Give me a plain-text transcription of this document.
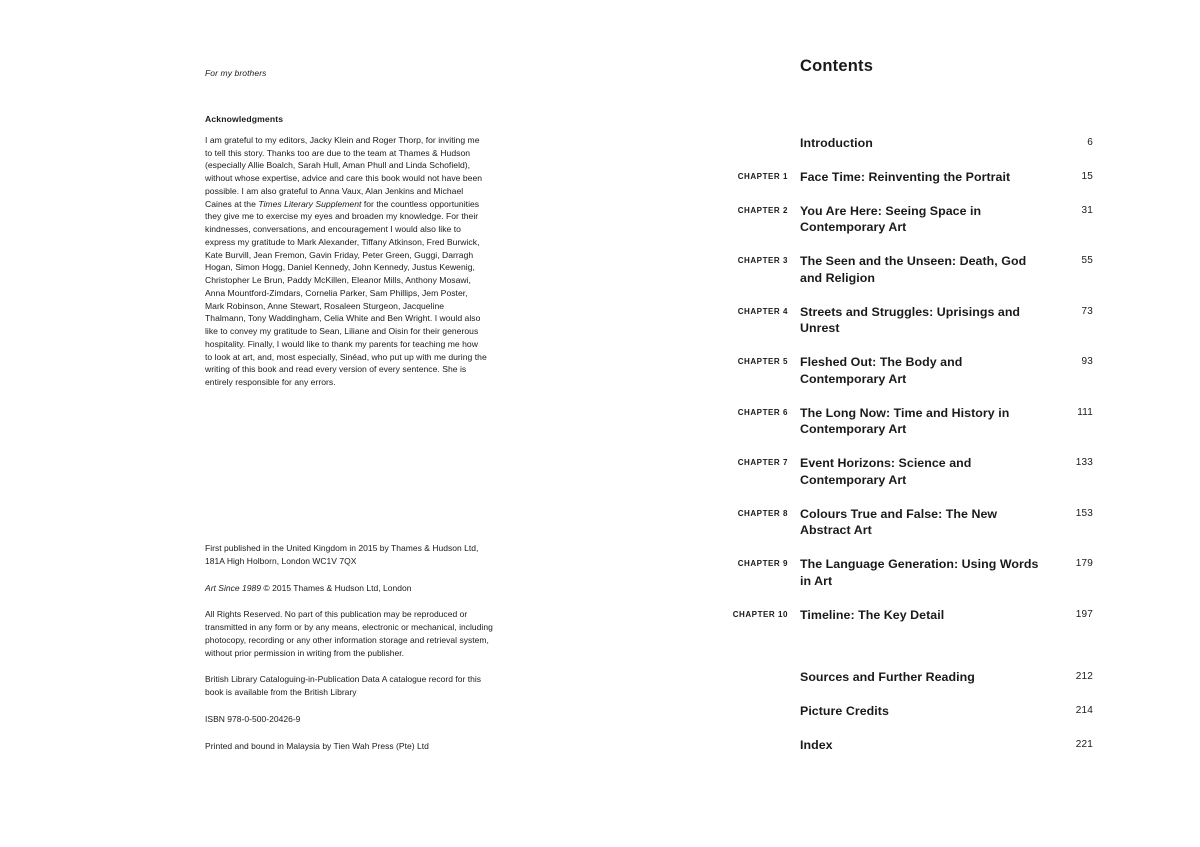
For my brothers

Acknowledgments

I am grateful to my editors, Jacky Klein and Roger Thorp, for inviting me to tell this story. Thanks too are due to the team at Thames & Hudson (especially Allie Boalch, Sarah Hull, Aman Phull and Linda Schofield), without whose expertise, advice and care this book would not have been possible. I am also grateful to Anna Vaux, Alan Jenkins and Michael Caines at the Times Literary Supplement for the countless opportunities they give me to exercise my eyes and broaden my knowledge. For their kindnesses, conversations, and encouragement I would also like to express my gratitude to Mark Alexander, Tiffany Atkinson, Fred Burwick, Kate Burvill, Jean Fremon, Gavin Friday, Peter Green, Guggi, Darragh Hogan, Simon Hogg, Daniel Kennedy, John Kennedy, Justus Kewenig, Christopher Le Brun, Paddy McKillen, Eleanor Mills, Anthony Mosawi, Anna Mountford-Zimdars, Cornelia Parker, Sam Phillips, Jem Poster, Mark Robinson, Anne Stewart, Rosaleen Sturgeon, Jacqueline Thalmann, Tony Waddingham, Celia White and Ben Wright. I would also like to convey my gratitude to Sean, Liliane and Oisin for their generous hospitality. Finally, I would like to thank my parents for teaching me how to look at art, and, most especially, Sinéad, who put up with me during the writing of this book and read every version of every sentence. She is entirely responsible for any errors.

First published in the United Kingdom in 2015 by Thames & Hudson Ltd, 181A High Holborn, London WC1V 7QX

Art Since 1989 © 2015 Thames & Hudson Ltd, London

All Rights Reserved. No part of this publication may be reproduced or transmitted in any form or by any means, electronic or mechanical, including photocopy, recording or any other information storage and retrieval system, without prior permission in writing from the publisher.

British Library Cataloguing-in-Publication Data A catalogue record for this book is available from the British Library

ISBN 978-0-500-20426-9

Printed and bound in Malaysia by Tien Wah Press (Pte) Ltd

Contents
Introduction	6
CHAPTER 1 Face Time: Reinventing the Portrait	15
CHAPTER 2 You Are Here: Seeing Space in Contemporary Art
31
CHAPTER 3 The Seen and the Unseen: Death, God and Religion
55
CHAPTER 4 Streets and Struggles: Uprisings and Unrest
73
CHAPTER 5 Fleshed Out: The Body and Contemporary Art
93
CHAPTER 6 The Long Now: Time and History in Contemporary Art
111
CHAPTER 7 Event Horizons: Science and Contemporary Art
133
CHAPTER 8 Colours True and False: The New Abstract Art
153
CHAPTER 9 The Language Generation: Using Words in Art
179
CHAPTER 10 Timeline: The Key Detail	197
Sources and Further Reading	212
Picture Credits	214
Index	221
